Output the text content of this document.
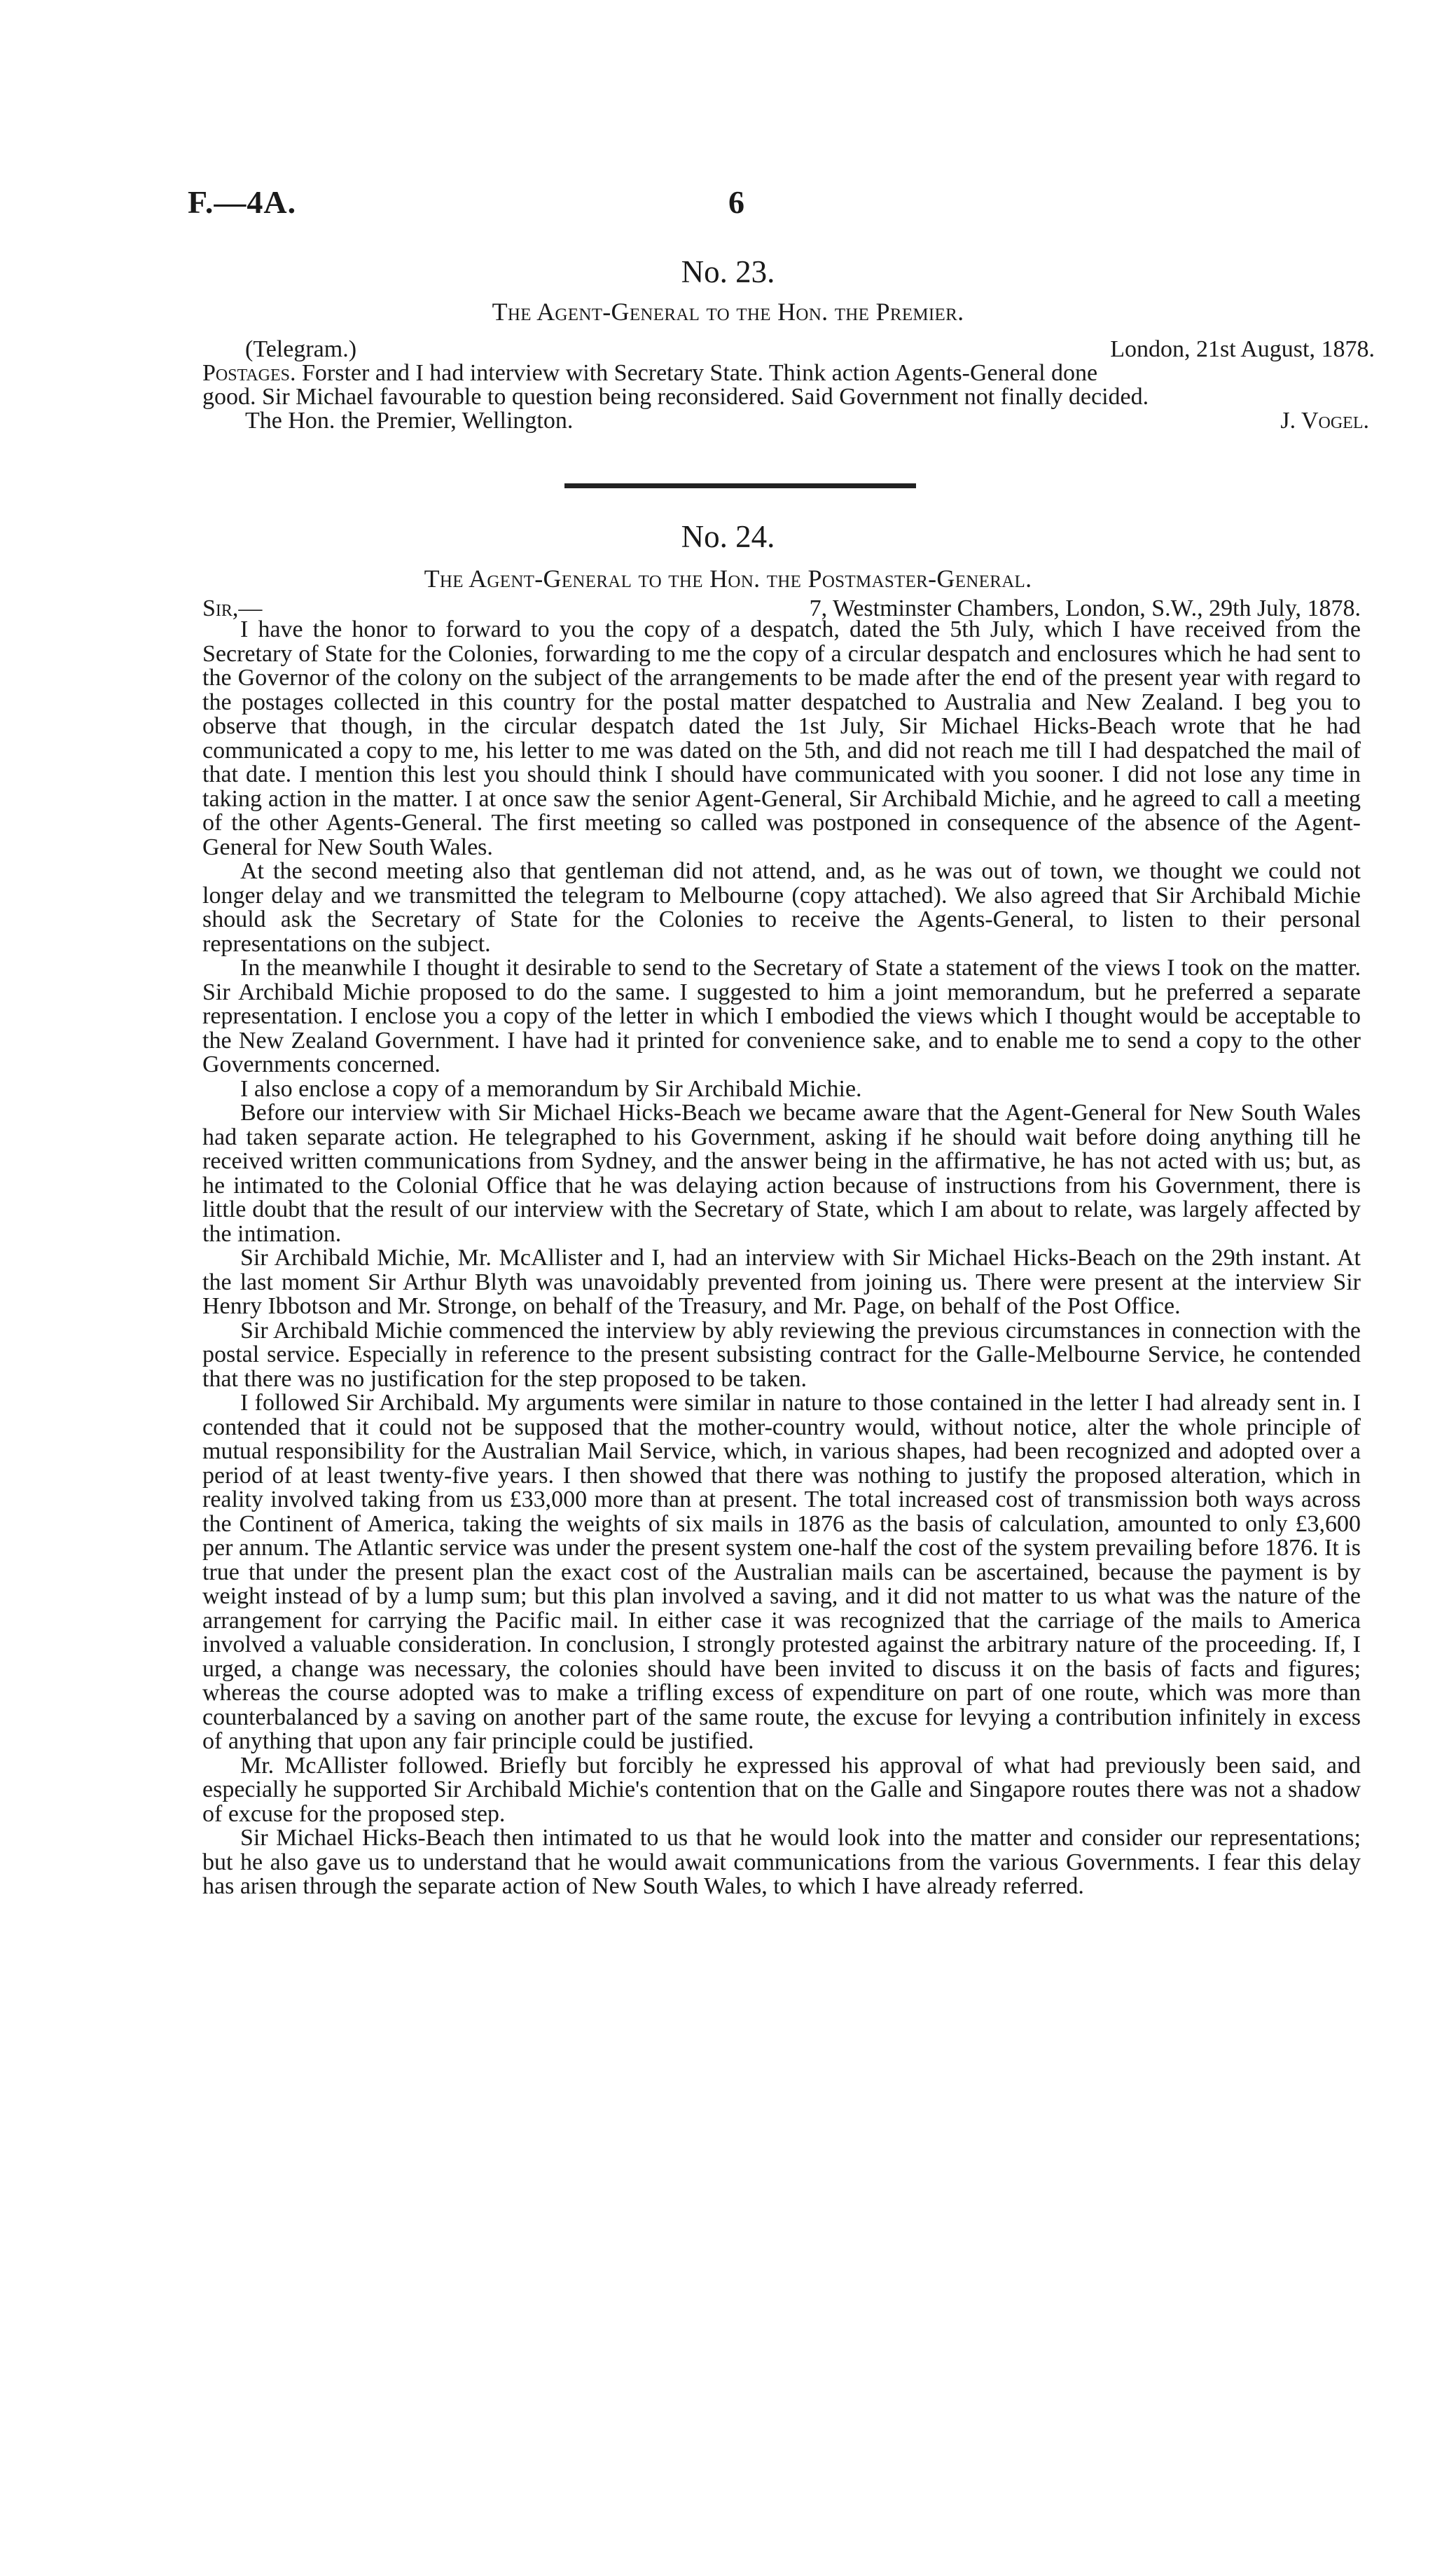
F.—4A.	6
No. 23.
The Agent-General to the Hon. the Premier.
(Telegram.)	London, 21st August, 1878.
Postages. Forster and I had interview with Secretary State. Think action Agents-General done
good. Sir Michael favourable to question being reconsidered. Said Government not finally decided.
The Hon. the Premier, Wellington.	J. Vogel.
No. 24.
The Agent-General to the Hon. the Postmaster-General.
Sir,—	7, Westminster Chambers, London, S.W., 29th July, 1878.

I have the honor to forward to you the copy of a despatch, dated the 5th July, which I have received from the Secretary of State for the Colonies, forwarding to me the copy of a circular despatch and enclosures which he had sent to the Governor of the colony on the subject of the arrangements to be made after the end of the present year with regard to the postages collected in this country for the postal matter despatched to Australia and New Zealand. I beg you to observe that though, in the circular despatch dated the 1st July, Sir Michael Hicks-Beach wrote that he had communicated a copy to me, his letter to me was dated on the 5th, and did not reach me till I had despatched the mail of that date. I mention this lest you should think I should have communicated with you sooner. I did not lose any time in taking action in the matter. I at once saw the senior Agent-General, Sir Archibald Michie, and he agreed to call a meeting of the other Agents-General. The first meeting so called was postponed in consequence of the absence of the Agent-General for New South Wales.

At the second meeting also that gentleman did not attend, and, as he was out of town, we thought we could not longer delay and we transmitted the telegram to Melbourne (copy attached). We also agreed that Sir Archibald Michie should ask the Secretary of State for the Colonies to receive the Agents-General, to listen to their personal representations on the subject.

In the meanwhile I thought it desirable to send to the Secretary of State a statement of the views I took on the matter. Sir Archibald Michie proposed to do the same. I suggested to him a joint memorandum, but he preferred a separate representation. I enclose you a copy of the letter in which I embodied the views which I thought would be acceptable to the New Zealand Government. I have had it printed for convenience sake, and to enable me to send a copy to the other Governments concerned.

I also enclose a copy of a memorandum by Sir Archibald Michie.

Before our interview with Sir Michael Hicks-Beach we became aware that the Agent-General for New South Wales had taken separate action. He telegraphed to his Government, asking if he should wait before doing anything till he received written communications from Sydney, and the answer being in the affirmative, he has not acted with us; but, as he intimated to the Colonial Office that he was delaying action because of instructions from his Government, there is little doubt that the result of our interview with the Secretary of State, which I am about to relate, was largely affected by the intimation.

Sir Archibald Michie, Mr. McAllister and I, had an interview with Sir Michael Hicks-Beach on the 29th instant. At the last moment Sir Arthur Blyth was unavoidably prevented from joining us. There were present at the interview Sir Henry Ibbotson and Mr. Stronge, on behalf of the Treasury, and Mr. Page, on behalf of the Post Office.

Sir Archibald Michie commenced the interview by ably reviewing the previous circumstances in connection with the postal service. Especially in reference to the present subsisting contract for the Galle-Melbourne Service, he contended that there was no justification for the step proposed to be taken.

I followed Sir Archibald. My arguments were similar in nature to those contained in the letter I had already sent in. I contended that it could not be supposed that the mother-country would, without notice, alter the whole principle of mutual responsibility for the Australian Mail Service, which, in various shapes, had been recognized and adopted over a period of at least twenty-five years. I then showed that there was nothing to justify the proposed alteration, which in reality involved taking from us £33,000 more than at present. The total increased cost of transmission both ways across the Continent of America, taking the weights of six mails in 1876 as the basis of calculation, amounted to only £3,600 per annum. The Atlantic service was under the present system one-half the cost of the system prevailing before 1876. It is true that under the present plan the exact cost of the Australian mails can be ascertained, because the payment is by weight instead of by a lump sum; but this plan involved a saving, and it did not matter to us what was the nature of the arrangement for carrying the Pacific mail. In either case it was recognized that the carriage of the mails to America involved a valuable consideration. In conclusion, I strongly protested against the arbitrary nature of the proceeding. If, I urged, a change was necessary, the colonies should have been invited to discuss it on the basis of facts and figures; whereas the course adopted was to make a trifling excess of expenditure on part of one route, which was more than counterbalanced by a saving on another part of the same route, the excuse for levying a contribution infinitely in excess of anything that upon any fair principle could be justified.

Mr. McAllister followed. Briefly but forcibly he expressed his approval of what had previously been said, and especially he supported Sir Archibald Michie's contention that on the Galle and Singapore routes there was not a shadow of excuse for the proposed step.

Sir Michael Hicks-Beach then intimated to us that he would look into the matter and consider our representations; but he also gave us to understand that he would await communications from the various Governments. I fear this delay has arisen through the separate action of New South Wales, to which I have already referred.
